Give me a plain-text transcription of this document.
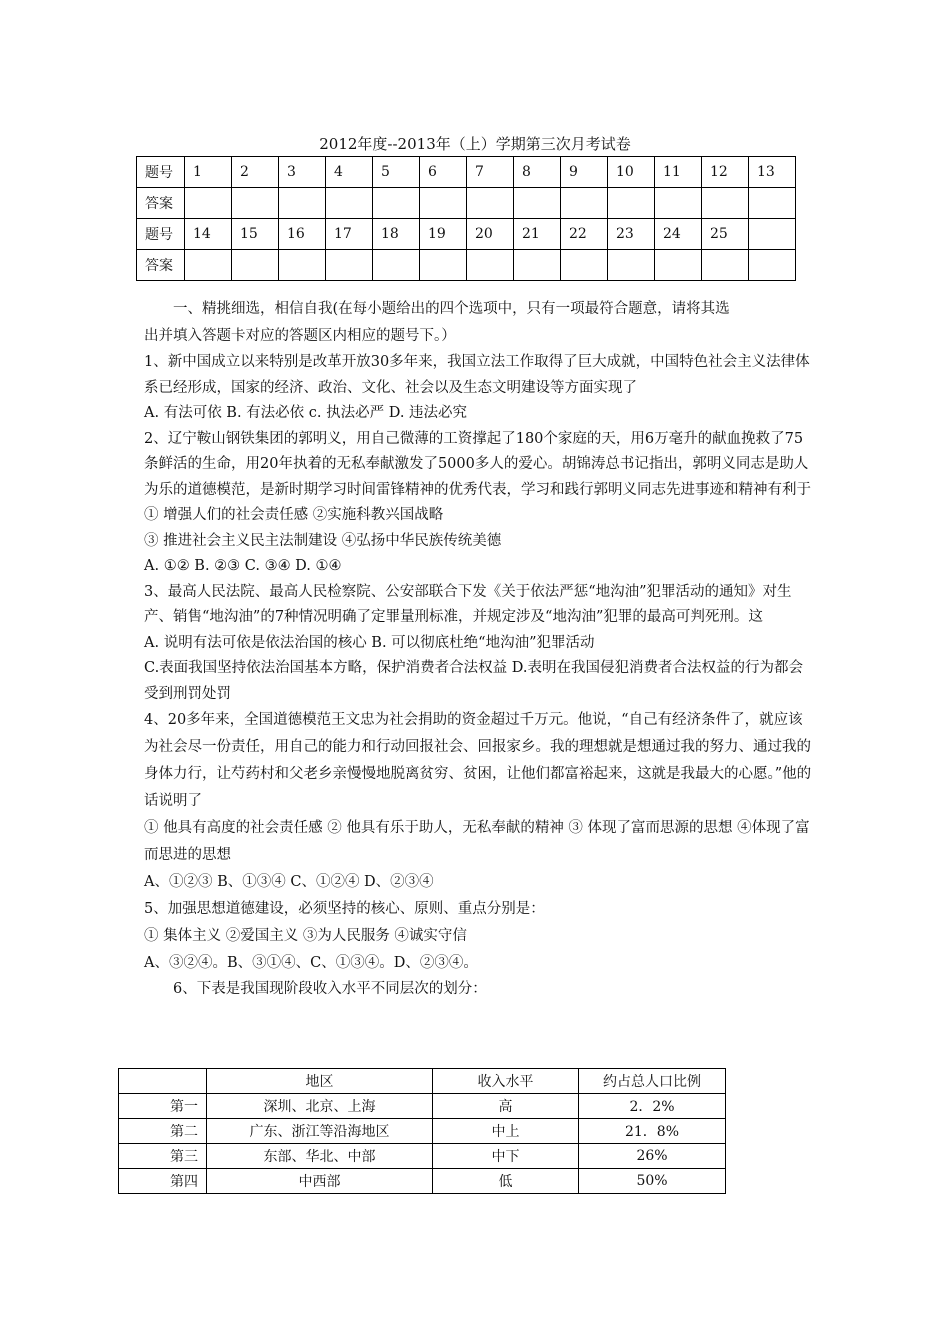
2012年度--2013年（上）学期第三次月考试卷
题号	1	2	3	4	5	6	7	8	9	10	11	12	13
答案													
题号	14	15	16	17	18	19	20	21	22	23	24	25	
答案													

一、精挑细选，相信自我(在每小题给出的四个选项中，只有一项最符合题意，请将其选

出并填入答题卡对应的答题区内相应的题号下。）

1、新中国成立以来特别是改革开放30多年来，我国立法工作取得了巨大成就，中国特色社会主义法律体系已经形成，国家的经济、政治、文化、社会以及生态文明建设等方面实现了

A. 有法可依 B. 有法必依 c. 执法必严 D. 违法必究

2、辽宁鞍山钢铁集团的郭明义，用自己微薄的工资撑起了180个家庭的天，用6万毫升的献血挽救了75条鲜活的生命，用20年执着的无私奉献激发了5000多人的爱心。胡锦涛总书记指出，郭明义同志是助人为乐的道德模范，是新时期学习时间雷锋精神的优秀代表，学习和践行郭明义同志先进事迹和精神有利于

① 增强人们的社会责任感 ②实施科教兴国战略

③ 推进社会主义民主法制建设 ④弘扬中华民族传统美德

A. ①② B. ②③ C. ③④ D. ①④

3、最高人民法院、最高人民检察院、公安部联合下发《关于依法严惩“地沟油”犯罪活动的通知》对生产、销售“地沟油”的7种情况明确了定罪量刑标准，并规定涉及“地沟油”犯罪的最高可判死刑。这

A. 说明有法可依是依法治国的核心 B. 可以彻底杜绝“地沟油”犯罪活动

C.表面我国坚持依法治国基本方略，保护消费者合法权益 D.表明在我国侵犯消费者合法权益的行为都会受到刑罚处罚

4、20多年来，全国道德模范王文忠为社会捐助的资金超过千万元。他说，“自己有经济条件了，就应该为社会尽一份责任，用自己的能力和行动回报社会、回报家乡。我的理想就是想通过我的努力、通过我的身体力行，让芍药村和父老乡亲慢慢地脱离贫穷、贫困，让他们都富裕起来，这就是我最大的心愿。”他的话说明了

① 他具有高度的社会责任感 ② 他具有乐于助人，无私奉献的精神 ③ 体现了富而思源的思想 ④体现了富而思进的思想

A、①②③ B、①③④ C、①②④ D、②③④

5、加强思想道德建设，必须坚持的核心、原则、重点分别是：

① 集体主义 ②爱国主义 ③为人民服务 ④诚实守信

A、③②④。B、③①④、C、①③④。D、②③④。

6、下表是我国现阶段收入水平不同层次的划分：

	地区	收入水平	约占总人口比例
第一	深圳、北京、上海	高	2．2%
第二	广东、浙江等沿海地区	中上	21．8%
第三	东部、华北、中部	中下	26%
第四	中西部	低	50%
